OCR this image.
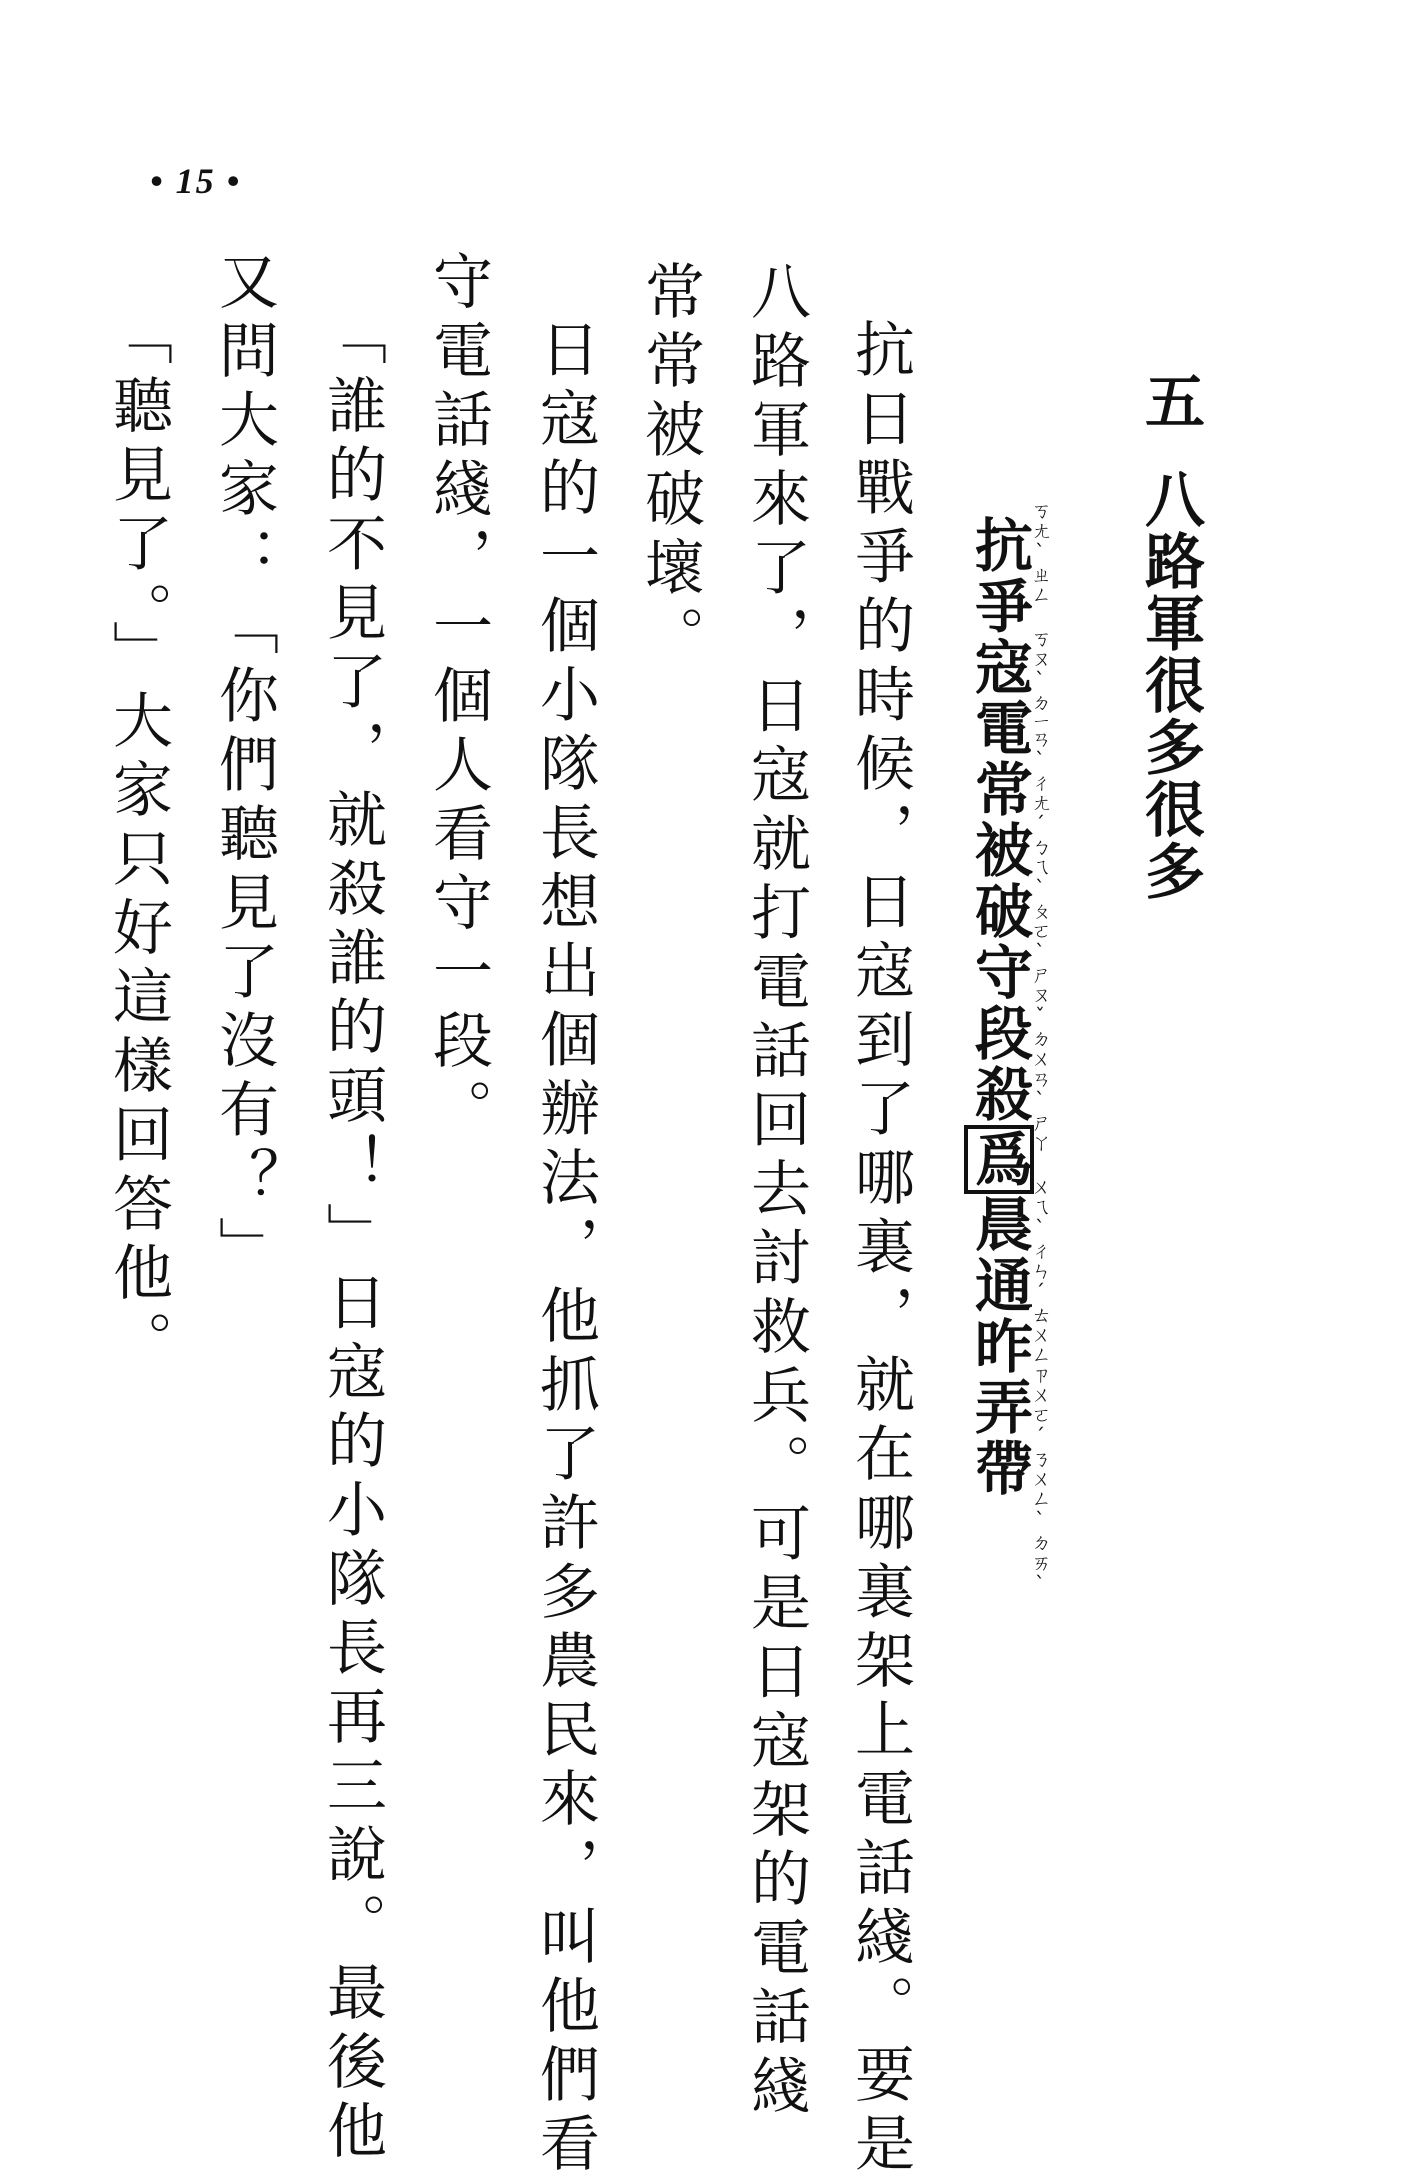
• 15 •
五八路軍很多很多
抗爭寇電常被破守段殺爲晨通昨弄帶
ㄎㄤˋㄓㄥ ㄎㄡˋㄉㄧㄢˋㄔㄤˊㄅㄟˋㄆㄛˋㄕㄡˇㄉㄨㄢˋㄕㄚ ㄨㄟˋㄔㄣˊㄊㄨㄥㄗㄨㄛˊㄋㄨㄥˋㄉㄞˋ
抗日戰爭的時候，日寇到了哪裏，就在哪裏架上電話綫。要是
八路軍來了，日寇就打電話回去討救兵。可是日寇架的電話綫
常常被破壞。
日寇的一個小隊長想出個辦法，他抓了許多農民來，叫他們看
守電話綫，一個人看守一段。
「誰的不見了，就殺誰的頭！」日寇的小隊長再三說。最後他
又問大家：「你們聽見了沒有？」
「聽見了。」大家只好這樣回答他。
